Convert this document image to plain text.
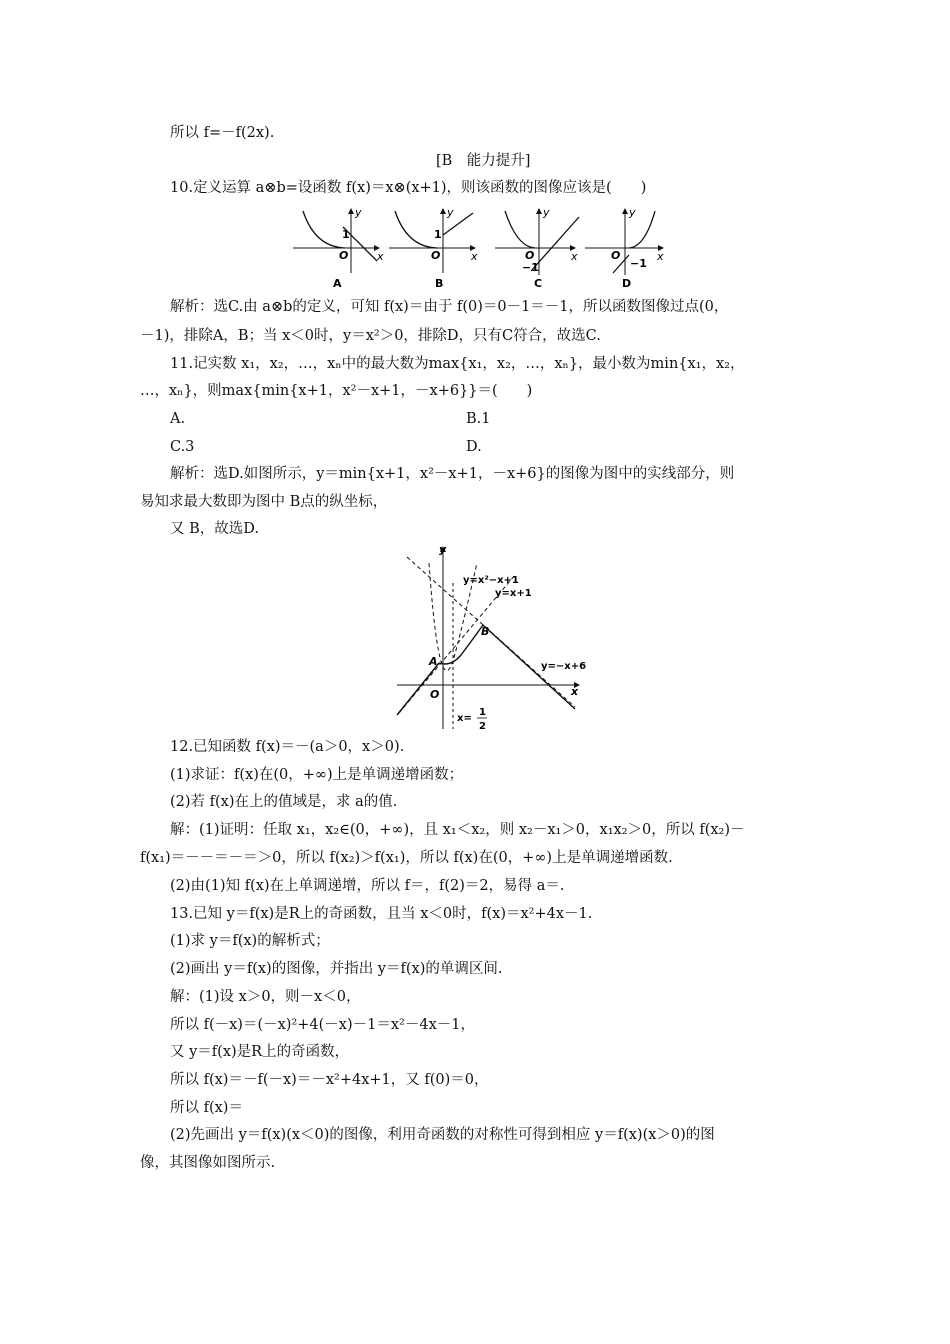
所以 f=－f(2x).
[B　能力提升]
10.定义运算 a⊗b=设函数 f(x)＝x⊗(x+1)，则该函数的图像应该是(　　)
y
x
O
1
A
y
x
O
1
B
y
x
O
−1
C
y
x
O
−1
D
解析：选C.由 a⊗b的定义，可知 f(x)＝由于 f(0)＝0－1＝－1，所以函数图像过点(0，
－1)，排除A，B；当 x＜0时，y＝x²＞0，排除D，只有C符合，故选C.
11.记实数 x₁，x₂，…，xₙ中的最大数为max{x₁，x₂，…，xₙ}，最小数为min{x₁，x₂，
…，xₙ}，则max{min{x+1，x²－x+1，－x+6}}＝(　　)
A.	B.1
C.3	D.
解析：选D.如图所示，y＝min{x+1，x²－x+1，－x+6}的图像为图中的实线部分，则
易知求最大数即为图中 B点的纵坐标，
又 B，故选D.
y
x
O
A
B
y=x²−x+1
y=x+1
y=−x+6
x=
1
2
12.已知函数 f(x)＝－(a＞0，x＞0).
(1)求证：f(x)在(0，+∞)上是单调递增函数；
(2)若 f(x)在上的值域是，求 a的值.
解：(1)证明：任取 x₁，x₂∈(0，+∞)，且 x₁＜x₂，则 x₂－x₁＞0，x₁x₂＞0，所以 f(x₂)－
f(x₁)＝－－＝－＝＞0，所以 f(x₂)＞f(x₁)，所以 f(x)在(0，+∞)上是单调递增函数.
(2)由(1)知 f(x)在上单调递增，所以 f＝，f(2)＝2，易得 a＝.
13.已知 y＝f(x)是R上的奇函数，且当 x＜0时，f(x)＝x²+4x－1.
(1)求 y＝f(x)的解析式；
(2)画出 y＝f(x)的图像，并指出 y＝f(x)的单调区间.
解：(1)设 x＞0，则－x＜0，
所以 f(－x)＝(－x)²+4(－x)－1＝x²－4x－1，
又 y＝f(x)是R上的奇函数，
所以 f(x)＝－f(－x)＝－x²+4x+1，又 f(0)＝0，
所以 f(x)＝
(2)先画出 y＝f(x)(x＜0)的图像，利用奇函数的对称性可得到相应 y＝f(x)(x＞0)的图
像，其图像如图所示.
